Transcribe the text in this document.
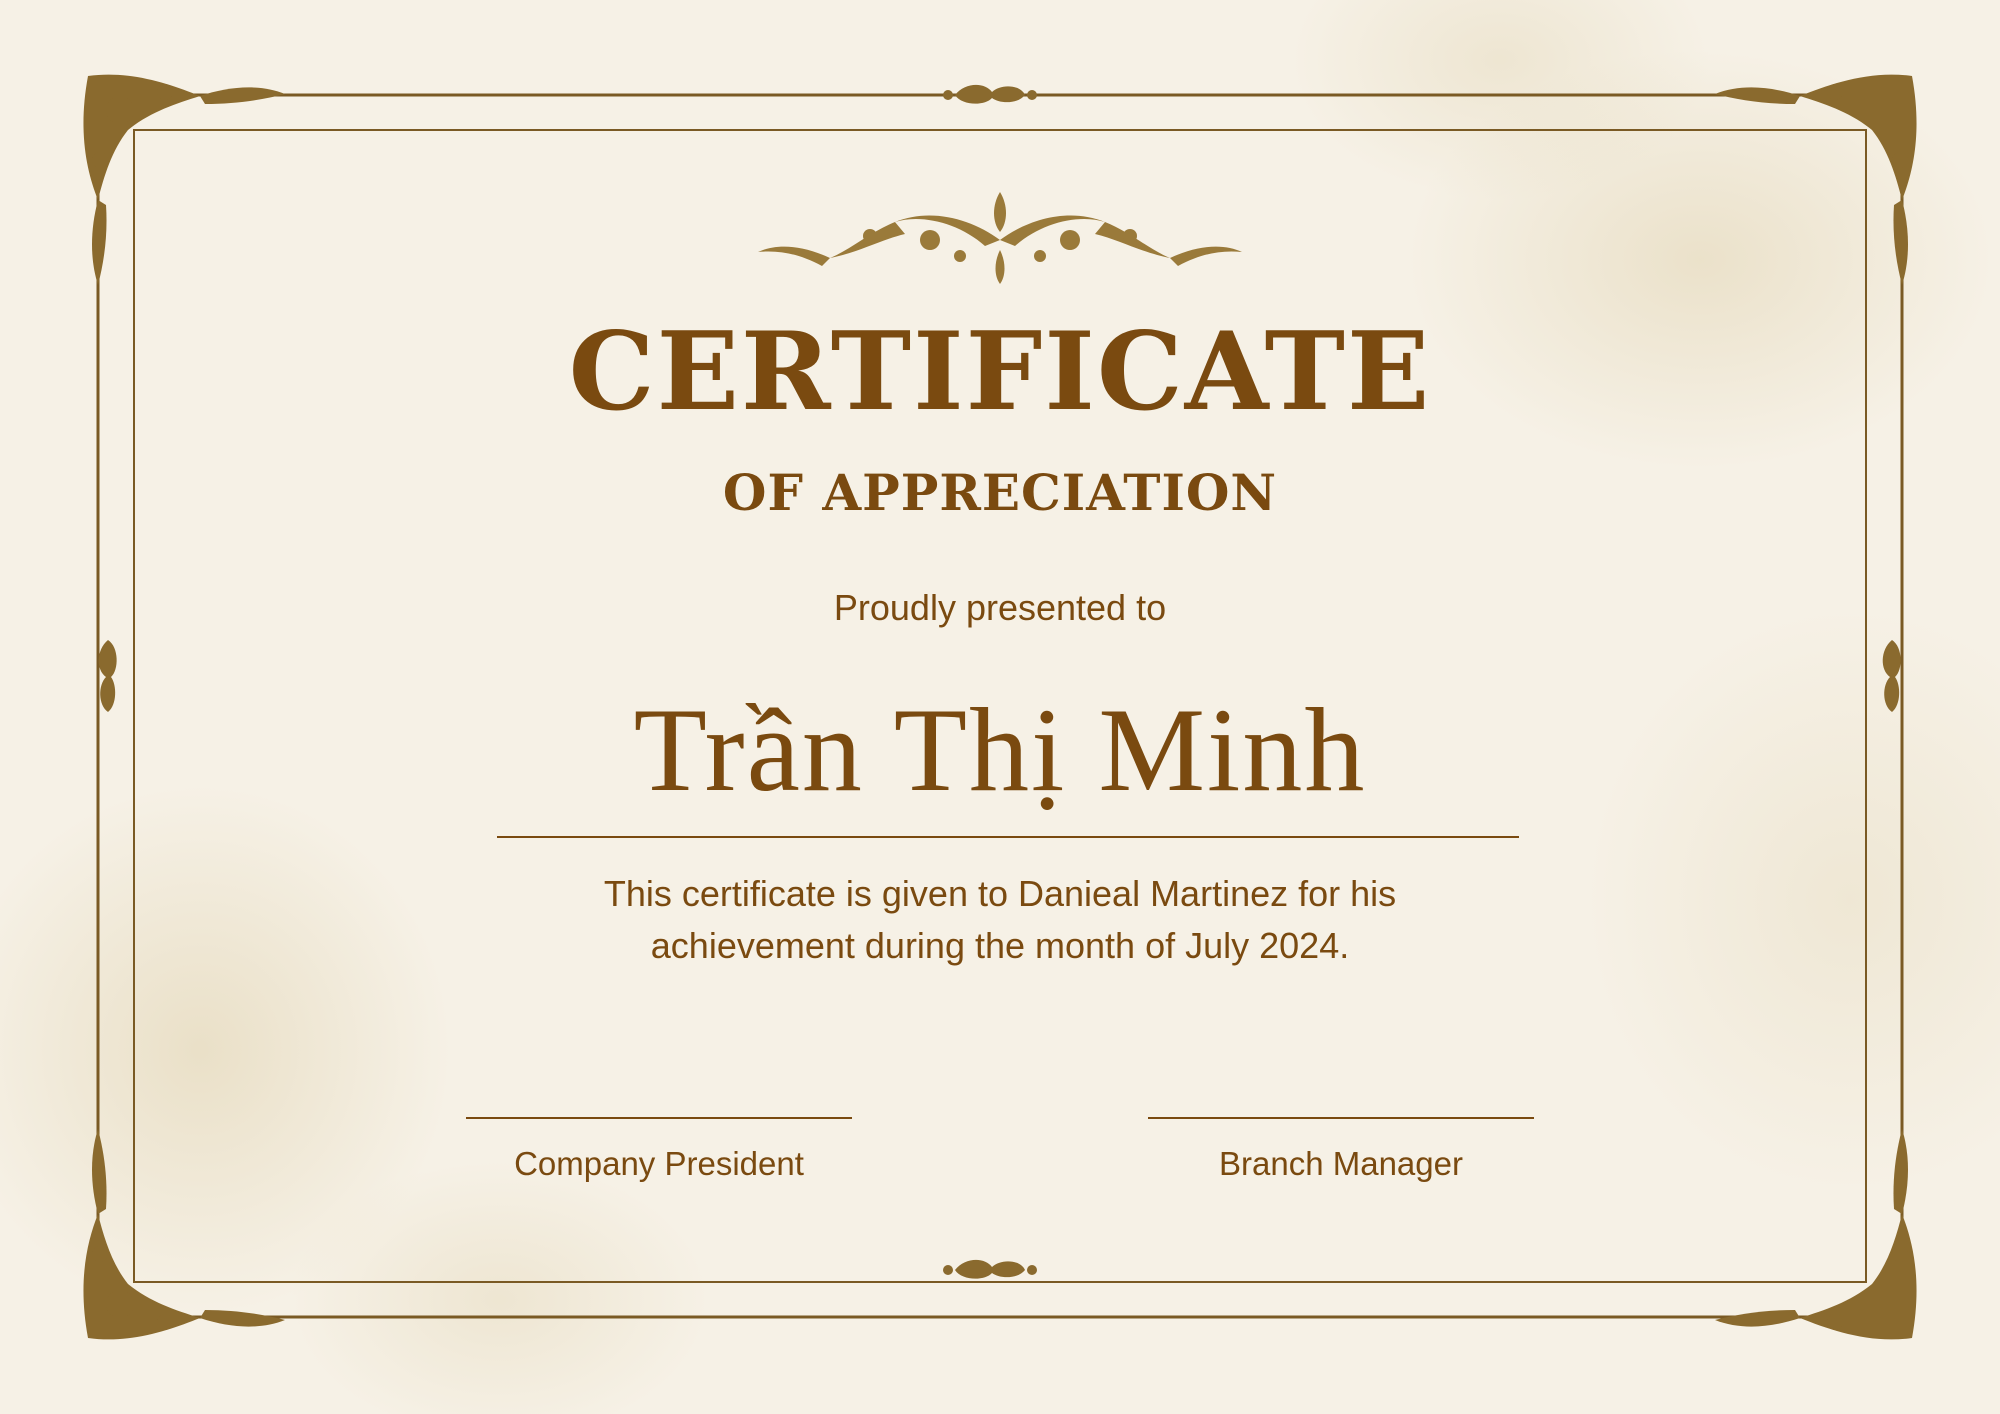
CERTIFICATE
OF APPRECIATION
Proudly presented to
Trần Thị Minh
This certificate is given to Danieal Martinez for his
achievement during the month of July 2024.
Company President	Branch Manager
